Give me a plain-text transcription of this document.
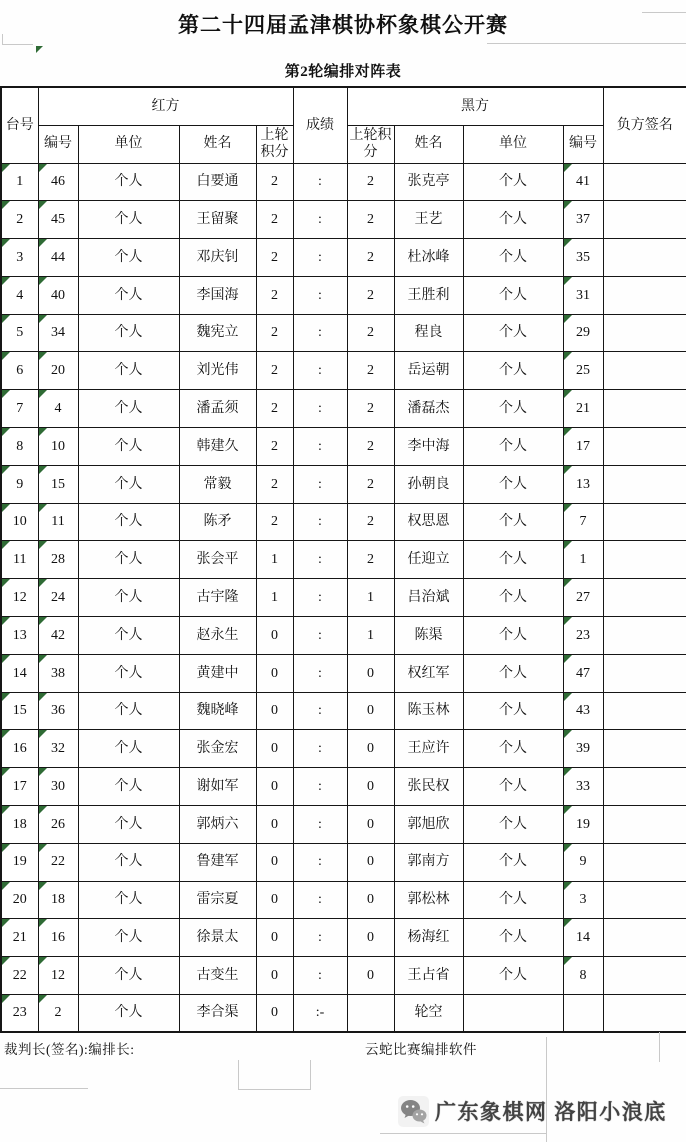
第二十四届孟津棋协杯象棋公开赛
第2轮编排对阵表
台号	红方				成绩	黑方				负方签名
	编号	单位	姓名	上轮积分		上轮积分	姓名	单位	编号	
1	46	个人	白要通	2	:	2	张克亭	个人	41	
2	45	个人	王留聚	2	:	2	王艺	个人	37	
3	44	个人	邓庆钊	2	:	2	杜冰峰	个人	35	
4	40	个人	李国海	2	:	2	王胜利	个人	31	
5	34	个人	魏宪立	2	:	2	程良	个人	29	
6	20	个人	刘光伟	2	:	2	岳运朝	个人	25	
7	4	个人	潘孟须	2	:	2	潘磊杰	个人	21	
8	10	个人	韩建久	2	:	2	李中海	个人	17	
9	15	个人	常毅	2	:	2	孙朝良	个人	13	
10	11	个人	陈矛	2	:	2	权思恩	个人	7	
11	28	个人	张会平	1	:	2	任迎立	个人	1	
12	24	个人	古宇隆	1	:	1	吕治斌	个人	27	
13	42	个人	赵永生	0	:	1	陈渠	个人	23	
14	38	个人	黄建中	0	:	0	权红军	个人	47	
15	36	个人	魏晓峰	0	:	0	陈玉林	个人	43	
16	32	个人	张金宏	0	:	0	王应许	个人	39	
17	30	个人	谢如军	0	:	0	张民权	个人	33	
18	26	个人	郭炳六	0	:	0	郭旭欣	个人	19	
19	22	个人	鲁建军	0	:	0	郭南方	个人	9	
20	18	个人	雷宗夏	0	:	0	郭松林	个人	3	
21	16	个人	徐景太	0	:	0	杨海红	个人	14	
22	12	个人	古变生	0	:	0	王占省	个人	8	
23	2	个人	李合渠	0	:-		轮空			
裁判长(签名):编排长:	云蛇比赛编排软件
广东象棋网 洛阳小浪底
